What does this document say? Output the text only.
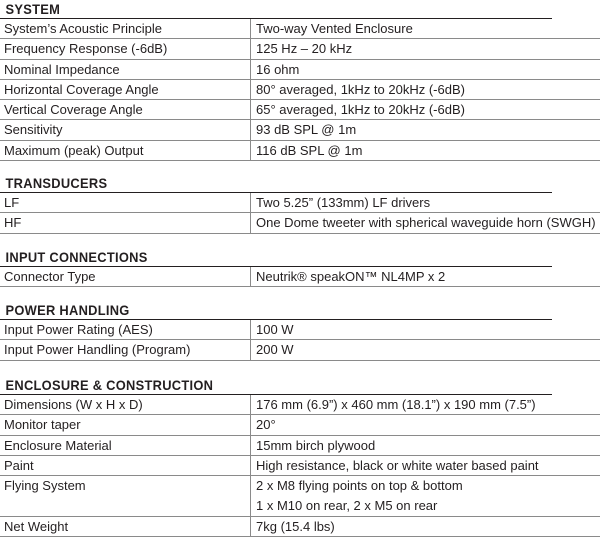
SYSTEM
System’s Acoustic Principle	Two-way Vented Enclosure
Frequency Response (-6dB)	125 Hz – 20 kHz
Nominal Impedance	16 ohm
Horizontal Coverage Angle	80° averaged, 1kHz to 20kHz (-6dB)
Vertical Coverage Angle	65° averaged, 1kHz to 20kHz (-6dB)
Sensitivity	93 dB SPL @ 1m
Maximum (peak) Output	116 dB SPL @ 1m
TRANSDUCERS
LF	Two 5.25” (133mm) LF drivers
HF	One Dome tweeter with spherical waveguide horn (SWGH)
INPUT CONNECTIONS
Connector Type	Neutrik® speakON™ NL4MP x 2
POWER HANDLING
Input Power Rating (AES)	100 W
Input Power Handling (Program)	200 W
ENCLOSURE & CONSTRUCTION
Dimensions (W x H x D)	176 mm (6.9”) x 460 mm (18.1”) x 190 mm (7.5”)
Monitor taper	20°
Enclosure Material	15mm birch plywood
Paint	High resistance, black or white water based paint
Flying System	2 x M8 flying points on top & bottom
1 x M10 on rear, 2 x M5 on rear
Net Weight	7kg (15.4 lbs)
